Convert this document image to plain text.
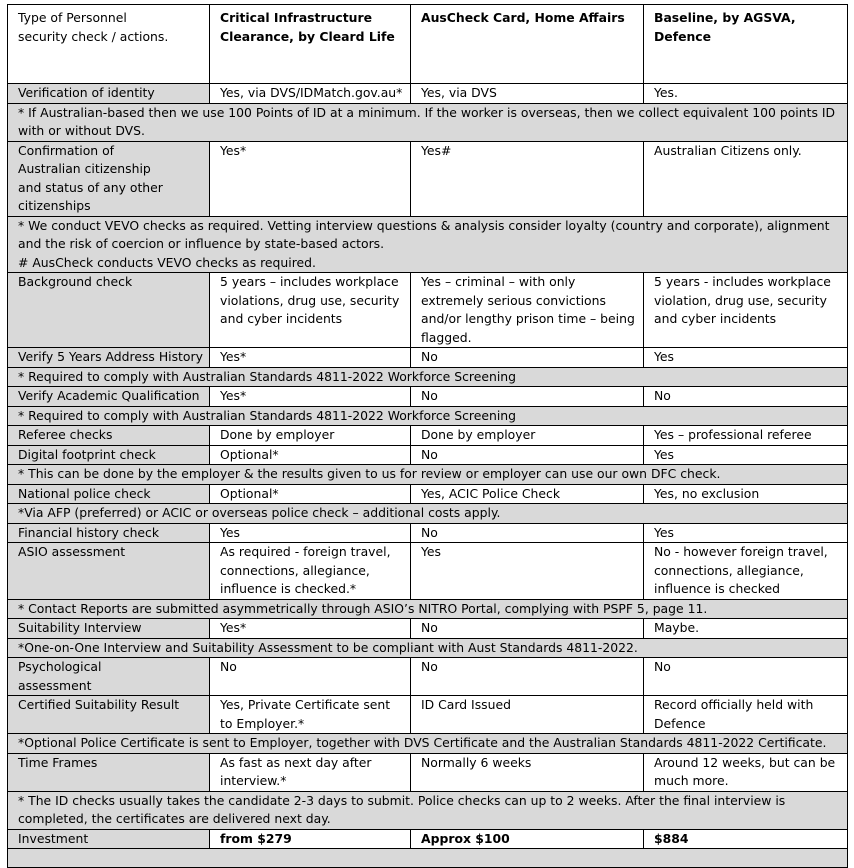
Type of Personnel security check / actions.	Critical Infrastructure Clearance, by Cleard Life	AusCheck Card, Home Affairs	Baseline, by AGSVA, Defence
Verification of identity	Yes, via DVS/IDMatch.gov.au*	Yes, via DVS	Yes.
* If Australian-based then we use 100 Points of ID at a minimum. If the worker is overseas, then we collect equivalent 100 points ID with or without DVS.			
Confirmation of Australian citizenship and status of any other citizenships	Yes*	Yes#	Australian Citizens only.

* We conduct VEVO checks as required. Vetting interview questions & analysis consider loyalty (country and corporate), alignment and the risk of coercion or influence by state-based actors.
# AusCheck conducts VEVO checks as required.			

Background check	5 years – includes workplace violations, drug use, security and cyber incidents	Yes – criminal – with only extremely serious convictions and/or lengthy prison time – being flagged.	5 years - includes workplace violation, drug use, security and cyber incidents
Verify 5 Years Address History	Yes*	No	Yes
* Required to comply with Australian Standards 4811-2022 Workforce Screening			
Verify Academic Qualification	Yes*	No	No
* Required to comply with Australian Standards 4811-2022 Workforce Screening			
Referee checks	Done by employer	Done by employer	Yes – professional referee
Digital footprint check	Optional*	No	Yes
* This can be done by the employer & the results given to us for review or employer can use our own DFC check.			
National police check	Optional*	Yes, ACIC Police Check	Yes, no exclusion
*Via AFP (preferred) or ACIC or overseas police check – additional costs apply.			
Financial history check	Yes	No	Yes
ASIO assessment	As required - foreign travel, connections, allegiance, influence is checked.*	Yes	No - however foreign travel, connections, allegiance, influence is checked
* Contact Reports are submitted asymmetrically through ASIO’s NITRO Portal, complying with PSPF 5, page 11.			
Suitability Interview	Yes*	No	Maybe.
*One-on-One Interview and Suitability Assessment to be compliant with Aust Standards 4811-2022.			
Psychological assessment	No	No	No
Certified Suitability Result	Yes, Private Certificate sent to Employer.*	ID Card Issued	Record officially held with Defence
*Optional Police Certificate is sent to Employer, together with DVS Certificate and the Australian Standards 4811-2022 Certificate.			
Time Frames	As fast as next day after interview.*	Normally 6 weeks	Around 12 weeks, but can be much more.
* The ID checks usually takes the candidate 2-3 days to submit. Police checks can up to 2 weeks. After the final interview is completed, the certificates are delivered next day.			
Investment	from $279	Approx $100	$884
